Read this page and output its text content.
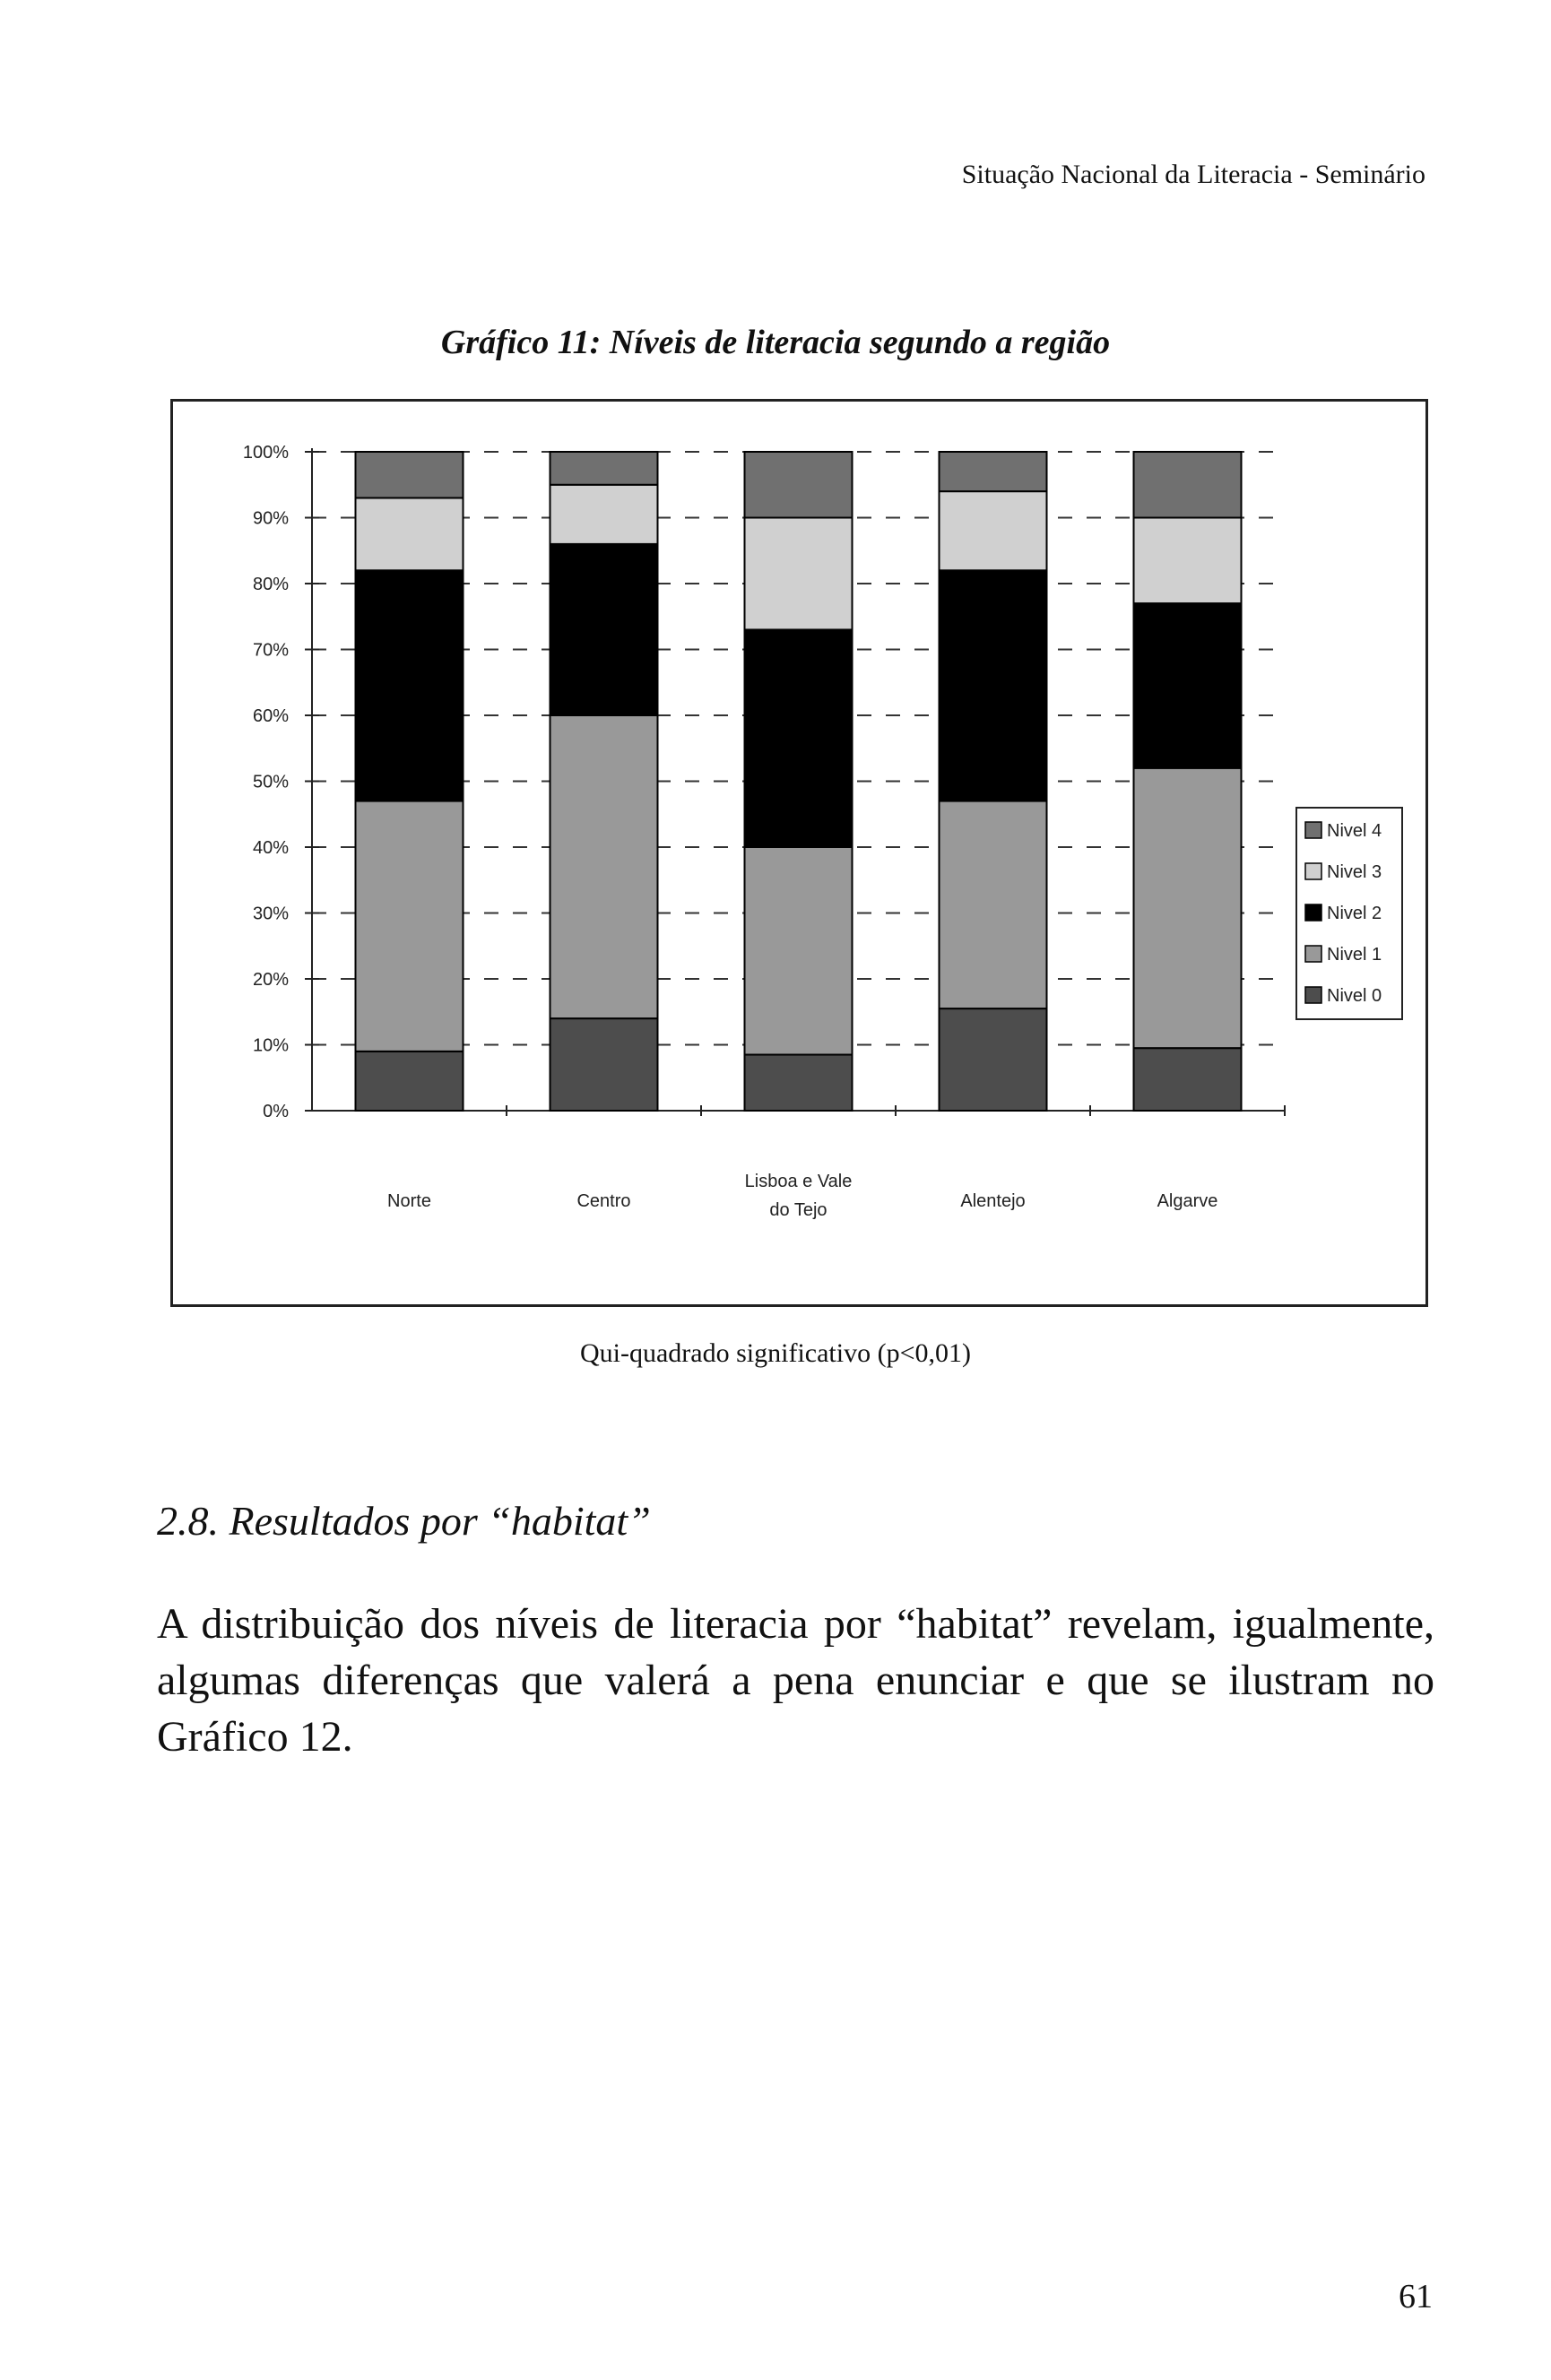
Situação Nacional da Literacia - Seminário
Gráfico 11: Níveis de literacia segundo a região
0%
10%
20%
30%
40%
50%
60%
70%
80%
90%
100%
Norte	Centro
Lisboa e Vale
do Tejo	Alentejo	Algarve
Nivel 4
Nivel 3
Nivel 2
Nivel 1
Nivel 0
Qui-quadrado significativo (p<0,01)
2.8. Resultados por “habitat”
A distribuição dos níveis de literacia por “habitat” revelam, igualmente, algumas diferenças que valerá a pena enunciar e que se ilustram no Gráfico 12.
61
